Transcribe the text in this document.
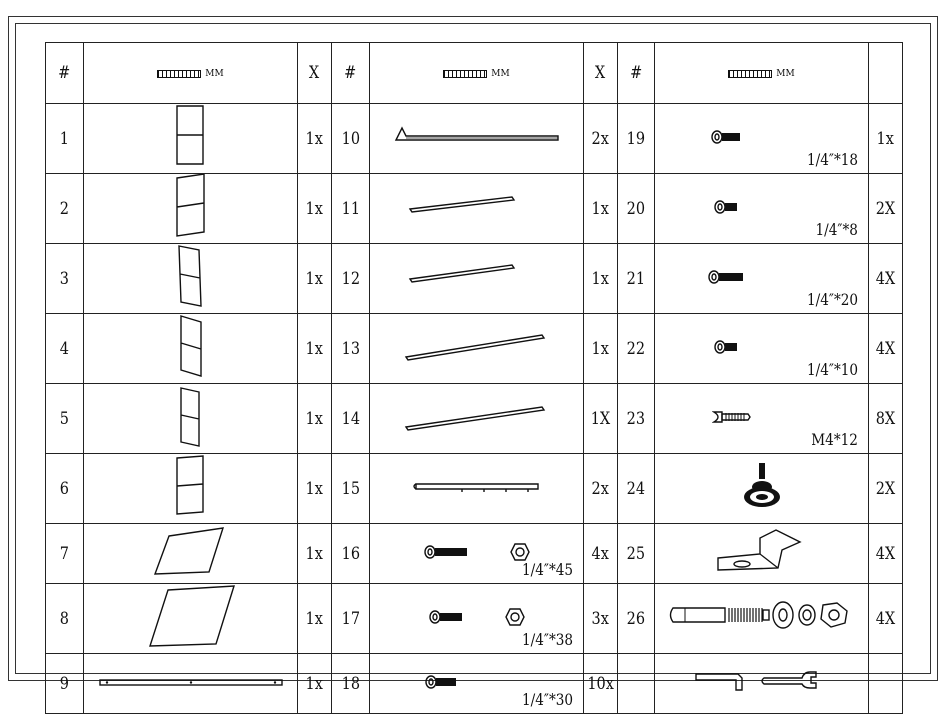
#	MM	X	#	MM	X	#	MM	

1		1x	10		2x	19	1/4″*18	1x
2		1x	11		1x	20	1/4″*8	2X
3		1x	12		1x	21	1/4″*20	4X
4		1x	13		1x	22	1/4″*10	4X
5		1x	14		1X	23	M4*12	8X
6		1x	15		2x	24		2X
7		1x	16	1/4″*45	4x	25		4X
8		1x	17	1/4″*38	3x	26		4X
9		1x	18	1/4″*30	10x		
